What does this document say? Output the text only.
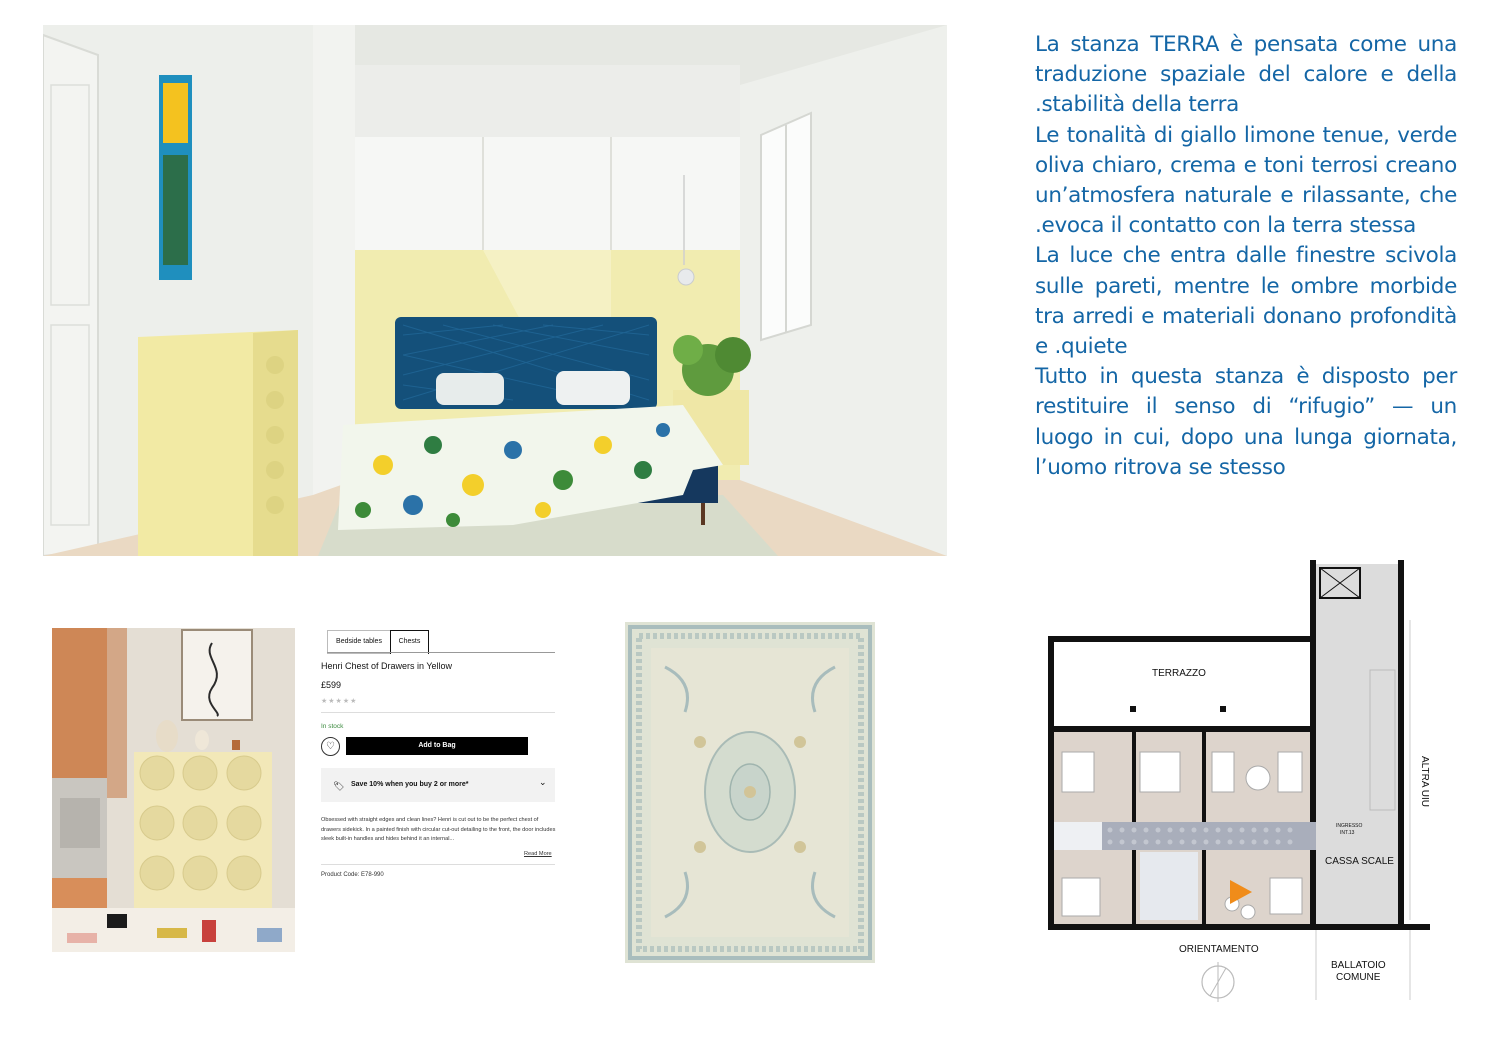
La stanza TERRA è pensata come una traduzione spaziale del calore e della .stabilità della terra

Le tonalità di giallo limone tenue, verde oliva chiaro, crema e toni terrosi creano un’atmosfera naturale e rilassante, che .evoca il contatto con la terra stessa

La luce che entra dalle finestre scivola sulle pareti, mentre le ombre morbide tra arredi e materiali donano profondità e .quiete

Tutto in questa stanza è disposto per restituire il senso di “rifugio” — un luogo in cui, dopo una lunga giornata, l’uomo ritrova se stesso

Bedside tables	Chests
Henri Chest of Drawers in Yellow
£599
★★★★★
In stock
♡	Add to Bag
🏷 Save 10% when you buy 2 or more*	⌄
Obsessed with straight edges and clean lines? Henri is cut out to be the perfect chest of drawers sidekick. In a painted finish with circular cut-out detailing to the front, the door includes sleek built-in handles and hides behind it an internal...
Read More
Product Code: E78-990
TERRAZZO
CASSA SCALE
ORIENTAMENTO
BALLATOIO
COMUNE
INGRESSO
INT.13
ALTRA UIU
